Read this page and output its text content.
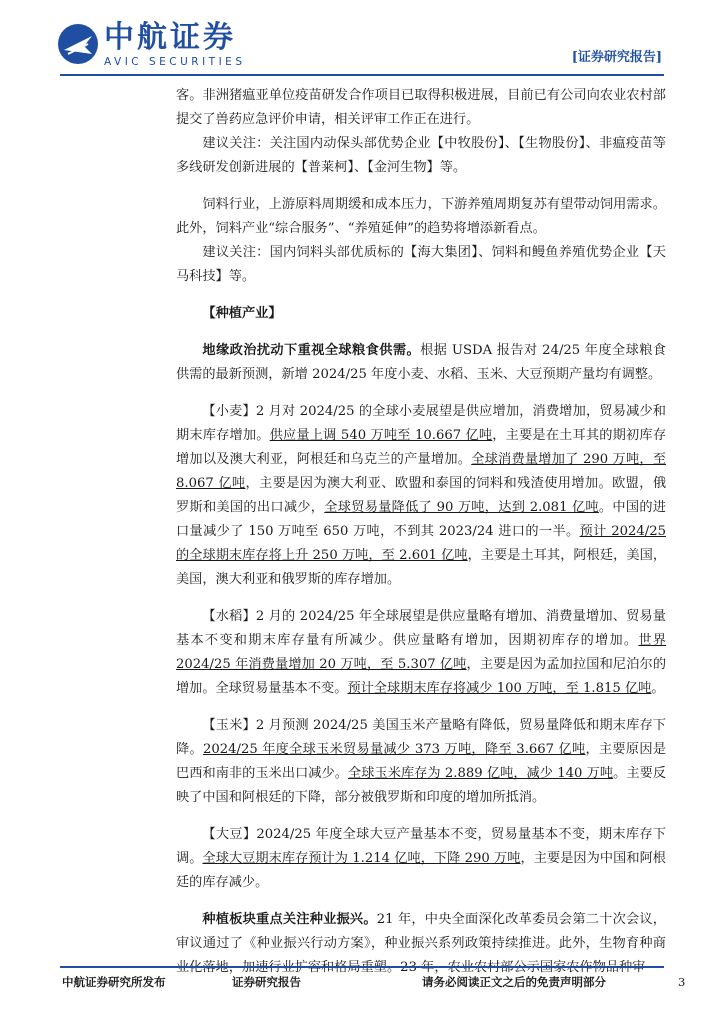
中航证券
AVIC SECURITIES	[证券研究报告]

客。非洲猪瘟亚单位疫苗研发合作项目已取得积极进展，目前已有公司向农业农村部提交了兽药应急评价申请，相关评审工作正在进行。

建议关注：关注国内动保头部优势企业【中牧股份】、【生物股份】、非瘟疫苗等多线研发创新进展的【普莱柯】、【金河生物】等。

饲料行业，上游原料周期缓和成本压力，下游养殖周期复苏有望带动饲用需求。此外，饲料产业“综合服务”、“养殖延伸”的趋势将增添新看点。

建议关注：国内饲料头部优质标的【海大集团】、饲料和鳗鱼养殖优势企业【天马科技】等。

【种植产业】

地缘政治扰动下重视全球粮食供需。根据 USDA 报告对 24/25 年度全球粮食供需的最新预测，新增 2024/25 年度小麦、水稻、玉米、大豆预期产量均有调整。

【小麦】2 月对 2024/25 的全球小麦展望是供应增加，消费增加，贸易减少和期末库存增加。供应量上调 540 万吨至 10.667 亿吨，主要是在土耳其的期初库存增加以及澳大利亚，阿根廷和乌克兰的产量增加。全球消费量增加了 290 万吨，至 8.067 亿吨，主要是因为澳大利亚、欧盟和泰国的饲料和残渣使用增加。欧盟，俄罗斯和美国的出口减少，全球贸易量降低了 90 万吨，达到 2.081 亿吨。中国的进口量减少了 150 万吨至 650 万吨，不到其 2023/24 进口的一半。预计 2024/25 的全球期末库存将上升 250 万吨，至 2.601 亿吨，主要是土耳其，阿根廷，美国，美国，澳大利亚和俄罗斯的库存增加。

【水稻】2 月的 2024/25 年全球展望是供应量略有增加、消费量增加、贸易量基本不变和期末库存量有所减少。供应量略有增加，因期初库存的增加。世界 2024/25 年消费量增加 20 万吨，至 5.307 亿吨，主要是因为孟加拉国和尼泊尔的增加。全球贸易量基本不变。预计全球期末库存将减少 100 万吨，至 1.815 亿吨。

【玉米】2 月预测 2024/25 美国玉米产量略有降低，贸易量降低和期末库存下降。2024/25 年度全球玉米贸易量减少 373 万吨，降至 3.667 亿吨，主要原因是巴西和南非的玉米出口减少。全球玉米库存为 2.889 亿吨，减少 140 万吨。主要反映了中国和阿根廷的下降，部分被俄罗斯和印度的增加所抵消。

【大豆】2024/25 年度全球大豆产量基本不变，贸易量基本不变，期末库存下调。全球大豆期末库存预计为 1.214 亿吨，下降 290 万吨，主要是因为中国和阿根廷的库存减少。

种植板块重点关注种业振兴。21 年，中央全面深化改革委员会第二十次会议，审议通过了《种业振兴行动方案》，种业振兴系列政策持续推进。此外，生物育种商

中航证券研究所发布	证券研究报告	请务必阅读正文之后的免责声明部分	3
